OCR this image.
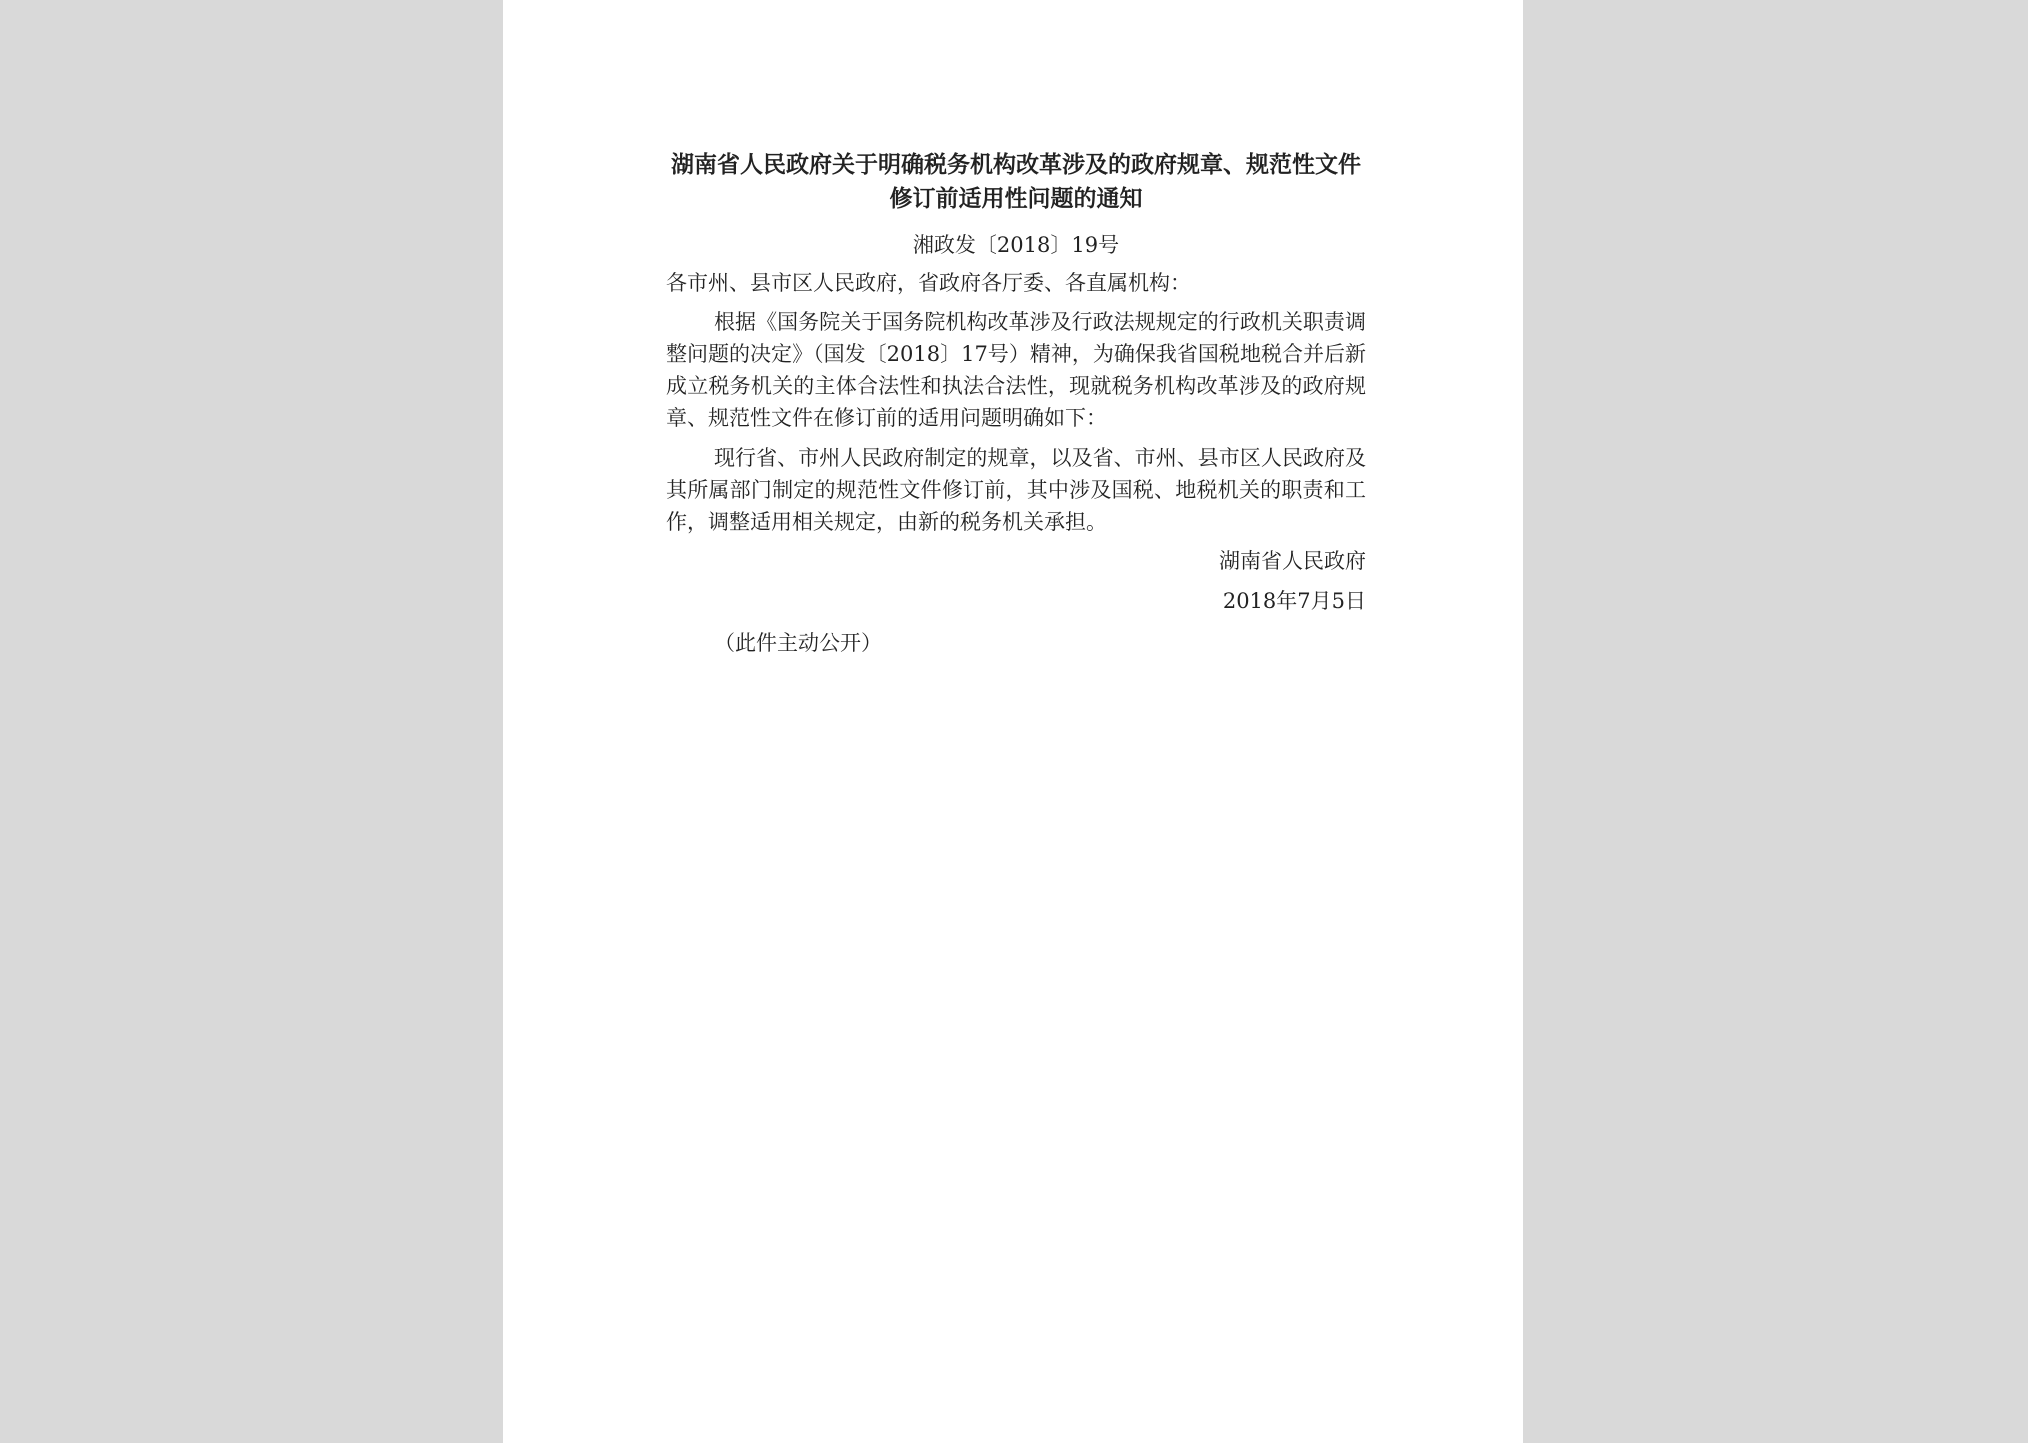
湖南省人民政府关于明确税务机构改革涉及的政府规章、规范性文件修订前适用性问题的通知
湘政发〔2018〕19号
各市州、县市区人民政府，省政府各厅委、各直属机构：

根据《国务院关于国务院机构改革涉及行政法规规定的行政机关职责调整问题的决定》（国发〔2018〕17号）精神，为确保我省国税地税合并后新成立税务机关的主体合法性和执法合法性，现就税务机构改革涉及的政府规章、规范性文件在修订前的适用问题明确如下：

现行省、市州人民政府制定的规章，以及省、市州、县市区人民政府及其所属部门制定的规范性文件修订前，其中涉及国税、地税机关的职责和工作，调整适用相关规定，由新的税务机关承担。

湖南省人民政府
2018年7月5日
（此件主动公开）
